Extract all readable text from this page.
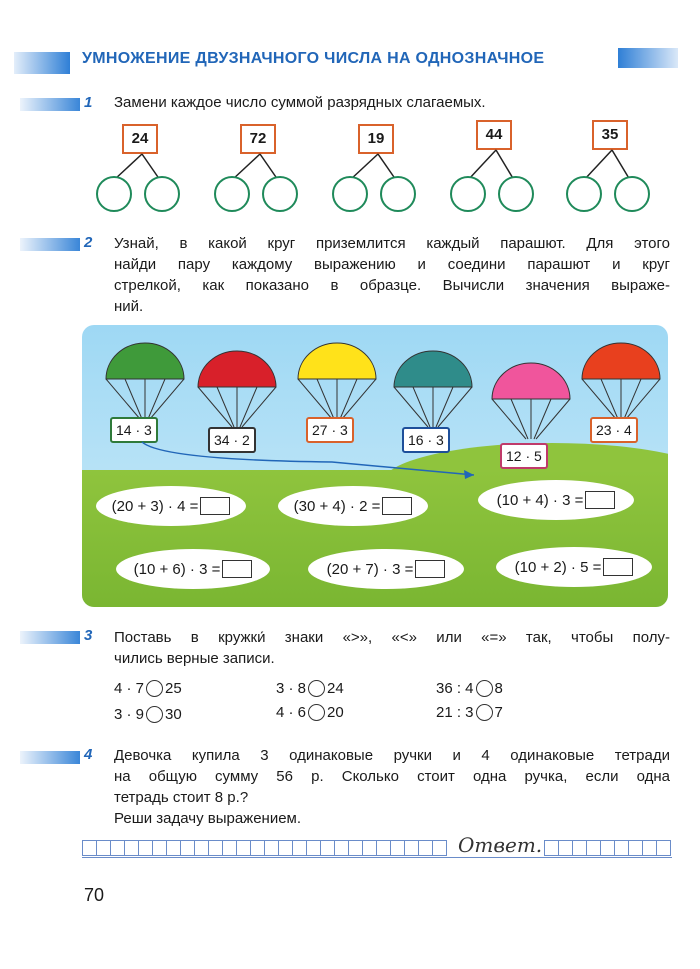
УМНОЖЕНИЕ ДВУЗНАЧНОГО ЧИСЛА НА ОДНОЗНАЧНОЕ
1 Замени каждое число суммой разрядных слагаемых.
24	72	19	44	35
2 Узнай, в какой круг приземлится каждый парашют. Для этого
найди пару каждому выражению и соедини парашют и круг
стрелкой, как показано в образце. Вычисли значения выраже-
ний.
14 · 3
34 · 2
27 · 3
16 · 3
12 · 5
23 · 4
(20 + 3) · 4 =	(30 + 4) · 2 =	(10 + 4) · 3 =
(10 + 6) · 3 =	(20 + 7) · 3 =	(10 + 2) · 5 =
3 Поставь в кружки́ знаки «>», «<» или «=» так, чтобы полу-
чились верные записи.
4 · 7 25	3 · 8 24	36 : 4 8
3 · 9 30	4 · 6 20	21 : 3 7
4 Девочка купила 3 одинаковые ручки и 4 одинаковые тетради
на общую сумму 56 р. Сколько стоит одна ручка, если одна
тетрадь стоит 8 р.?
Реши задачу выражением.
Ответ.
70
